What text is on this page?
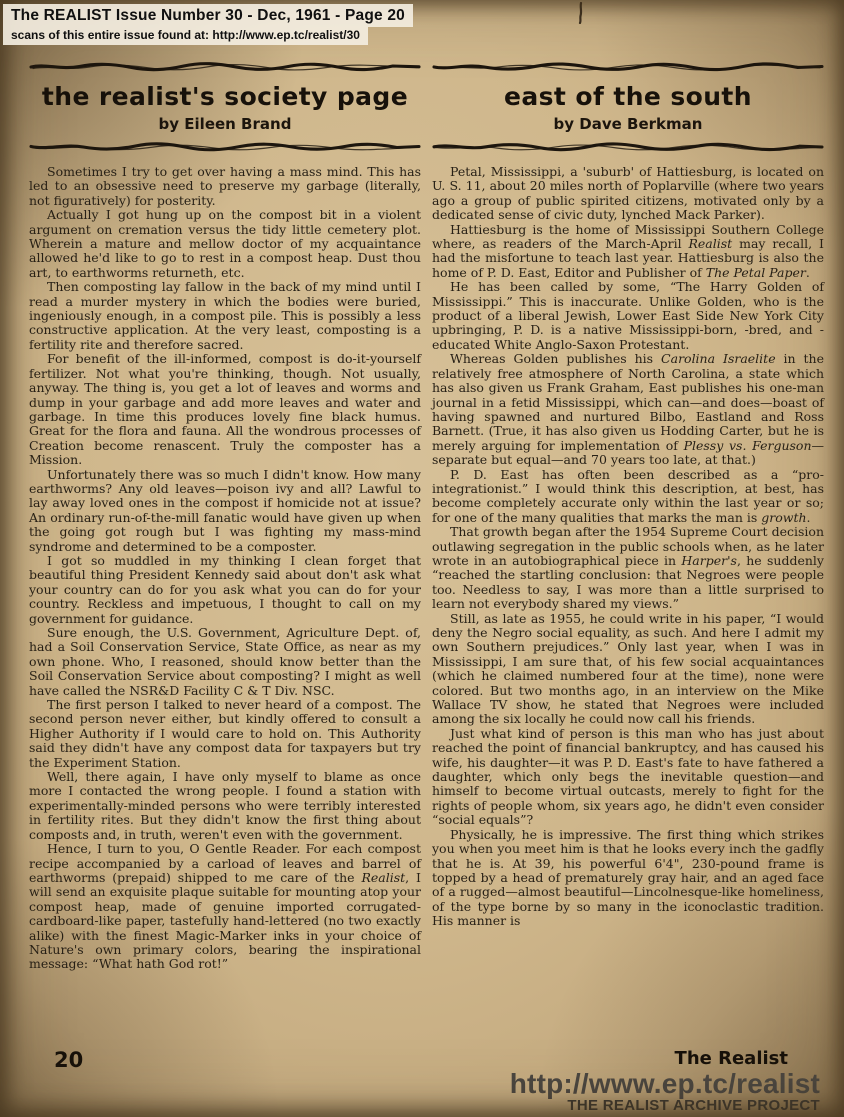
The REALIST Issue Number 30 - Dec, 1961 - Page 20
scans of this entire issue found at: http://www.ep.tc/realist/30
the realist's society page
by Eileen Brand

Sometimes I try to get over having a mass mind. This has led to an obsessive need to preserve my garbage (literally, not figuratively) for posterity.

Actually I got hung up on the compost bit in a violent argument on cremation versus the tidy little cemetery plot. Wherein a mature and mellow doctor of my acquaintance allowed he'd like to go to rest in a compost heap. Dust thou art, to earthworms returneth, etc.

Then composting lay fallow in the back of my mind until I read a murder mystery in which the bodies were buried, ingeniously enough, in a compost pile. This is possibly a less constructive application. At the very least, composting is a fertility rite and therefore sacred.

For benefit of the ill-informed, compost is do-it-yourself fertilizer. Not what you're thinking, though. Not usually, anyway. The thing is, you get a lot of leaves and worms and dump in your garbage and add more leaves and water and garbage. In time this produces lovely fine black humus. Great for the flora and fauna. All the wondrous processes of Creation become renascent. Truly the composter has a Mission.

Unfortunately there was so much I didn't know. How many earthworms? Any old leaves—poison ivy and all? Lawful to lay away loved ones in the compost if homicide not at issue? An ordinary run-of-the-mill fanatic would have given up when the going got rough but I was fighting my mass-mind syndrome and determined to be a composter.

I got so muddled in my thinking I clean forget that beautiful thing President Kennedy said about don't ask what your country can do for you ask what you can do for your country. Reckless and impetuous, I thought to call on my government for guidance.

Sure enough, the U.S. Government, Agriculture Dept. of, had a Soil Conservation Service, State Office, as near as my own phone. Who, I reasoned, should know better than the Soil Conservation Service about composting? I might as well have called the NSR&D Facility C & T Div. NSC.

The first person I talked to never heard of a compost. The second person never either, but kindly offered to consult a Higher Authority if I would care to hold on. This Authority said they didn't have any compost data for taxpayers but try the Experiment Station.

Well, there again, I have only myself to blame as once more I contacted the wrong people. I found a station with experimentally-minded persons who were terribly interested in fertility rites. But they didn't know the first thing about composts and, in truth, weren't even with the government.

Hence, I turn to you, O Gentle Reader. For each compost recipe accompanied by a carload of leaves and barrel of earthworms (prepaid) shipped to me care of the Realist, I will send an exquisite plaque suitable for mounting atop your compost heap, made of genuine imported corrugated-cardboard-like paper, tastefully hand-lettered (no two exactly alike) with the finest Magic-Marker inks in your choice of Nature's own primary colors, bearing the inspirational message: “What hath God rot!”

east of the south
by Dave Berkman

Petal, Mississippi, a 'suburb' of Hattiesburg, is located on U. S. 11, about 20 miles north of Poplarville (where two years ago a group of public spirited citizens, motivated only by a dedicated sense of civic duty, lynched Mack Parker).

Hattiesburg is the home of Mississippi Southern College where, as readers of the March-April Realist may recall, I had the misfortune to teach last year. Hattiesburg is also the home of P. D. East, Editor and Publisher of The Petal Paper.

He has been called by some, “The Harry Golden of Mississippi.” This is inaccurate. Unlike Golden, who is the product of a liberal Jewish, Lower East Side New York City upbringing, P. D. is a native Mississippi-born, -bred, and -educated White Anglo-Saxon Protestant.

Whereas Golden publishes his Carolina Israelite in the relatively free atmosphere of North Carolina, a state which has also given us Frank Graham, East publishes his one-man journal in a fetid Mississippi, which can—and does—boast of having spawned and nurtured Bilbo, Eastland and Ross Barnett. (True, it has also given us Hodding Carter, but he is merely arguing for implementation of Plessy vs. Ferguson—separate but equal—and 70 years too late, at that.)

P. D. East has often been described as a “pro-integrationist.” I would think this description, at best, has become completely accurate only within the last year or so; for one of the many qualities that marks the man is growth.

That growth began after the 1954 Supreme Court decision outlawing segregation in the public schools when, as he later wrote in an autobiographical piece in Harper's, he suddenly “reached the startling conclusion: that Negroes were people too. Needless to say, I was more than a little surprised to learn not everybody shared my views.”

Still, as late as 1955, he could write in his paper, “I would deny the Negro social equality, as such. And here I admit my own Southern prejudices.” Only last year, when I was in Mississippi, I am sure that, of his few social acquaintances (which he claimed numbered four at the time), none were colored. But two months ago, in an interview on the Mike Wallace TV show, he stated that Negroes were included among the six locally he could now call his friends.

Just what kind of person is this man who has just about reached the point of financial bankruptcy, and has caused his wife, his daughter—it was P. D. East's fate to have fathered a daughter, which only begs the inevitable question—and himself to become virtual outcasts, merely to fight for the rights of people whom, six years ago, he didn't even consider “social equals”?

Physically, he is impressive. The first thing which strikes you when you meet him is that he looks every inch the gadfly that he is. At 39, his powerful 6'4", 230-pound frame is topped by a head of prematurely gray hair, and an aged face of a rugged—almost beautiful—Lincolnesque-like homeliness, of the type borne by so many in the iconoclastic tradition. His manner is

20	The Realist
http://www.ep.tc/realist
THE REALIST ARCHIVE PROJECT
